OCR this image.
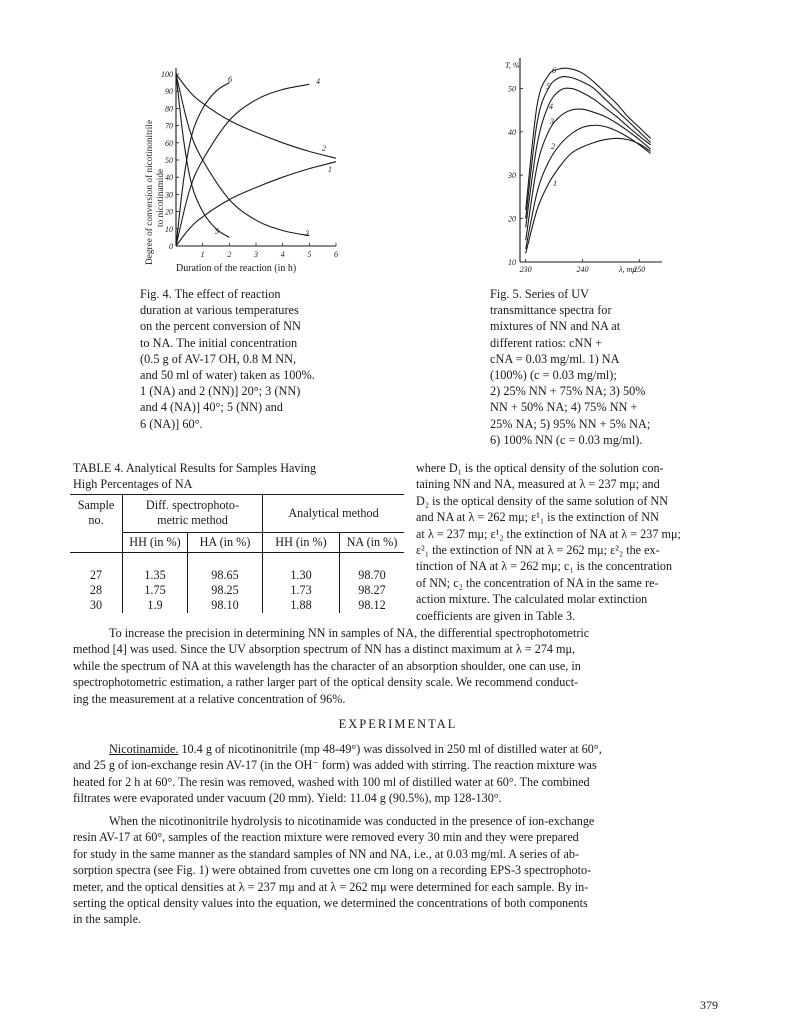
Degree of conversion of nicotinonitrile to nicotinamide
100
90
80
70
60
50
40
30
20
10
0
1	2	3	4	5	6
1
2
3
4
5
6
Duration of the reaction (in h)
Fig. 4. The effect of reaction
duration at various temperatures
on the percent conversion of NN
to NA. The initial concentration
(0.5 g of AV-17 OH, 0.8 M NN,
and 50 ml of water) taken as 100%.
1 (NA) and 2 (NN)] 20°; 3 (NN)
and 4 (NA)] 40°; 5 (NN) and
6 (NA)] 60°.
T, %
50
40
30
20
10
230	240	250
1
2
3
4
5
6
λ, mμ
Fig. 5. Series of UV
transmittance spectra for
mixtures of NN and NA at
different ratios: cNN +
cNA = 0.03 mg/ml. 1) NA
(100%) (c = 0.03 mg/ml);
2) 25% NN + 75% NA; 3) 50%
NN + 50% NA; 4) 75% NN +
25% NA; 5) 95% NN + 5% NA;
6) 100% NN (c = 0.03 mg/ml).
TABLE 4. Analytical Results for Samples Having
High Percentages of NA
Sample
no.	Diff. spectrophoto-
metric method		Analytical method	
	HH (in %)	HA (in %)	HH (in %)	NA (in %)

27	1.35	98.65	1.30	98.70
28	1.75	98.25	1.73	98.27
30	1.9	98.10	1.88	98.12
where D₁ is the optical density of the solution con-
taining NN and NA, measured at λ = 237 mμ; and
D₂ is the optical density of the same solution of NN
and NA at λ = 262 mμ; ε¹₁ is the extinction of NN
at λ = 237 mμ; ε¹₂ the extinction of NA at λ = 237 mμ;
ε²₁ the extinction of NN at λ = 262 mμ; ε²₂ the ex-
tinction of NA at λ = 262 mμ; c₁ is the concentration
of NN; c₂ the concentration of NA in the same re-
action mixture. The calculated molar extinction
coefficients are given in Table 3.
To increase the precision in determining NN in samples of NA, the differential spectrophotometric
method [4] was used. Since the UV absorption spectrum of NN has a distinct maximum at λ = 274 mμ,
while the spectrum of NA at this wavelength has the character of an absorption shoulder, one can use, in
spectrophotometric estimation, a rather larger part of the optical density scale. We recommend conduct-
ing the measurement at a relative concentration of 96%.
EXPERIMENTAL
Nicotinamide. 10.4 g of nicotinonitrile (mp 48-49°) was dissolved in 250 ml of distilled water at 60°,
and 25 g of ion-exchange resin AV-17 (in the OH⁻ form) was added with stirring. The reaction mixture was
heated for 2 h at 60°. The resin was removed, washed with 100 ml of distilled water at 60°. The combined
filtrates were evaporated under vacuum (20 mm). Yield: 11.04 g (90.5%), mp 128-130°.
When the nicotinonitrile hydrolysis to nicotinamide was conducted in the presence of ion-exchange
resin AV-17 at 60°, samples of the reaction mixture were removed every 30 min and they were prepared
for study in the same manner as the standard samples of NN and NA, i.e., at 0.03 mg/ml. A series of ab-
sorption spectra (see Fig. 1) were obtained from cuvettes one cm long on a recording EPS-3 spectrophoto-
meter, and the optical densities at λ = 237 mμ and at λ = 262 mμ were determined for each sample. By in-
serting the optical density values into the equation, we determined the concentrations of both components
in the sample.
379
